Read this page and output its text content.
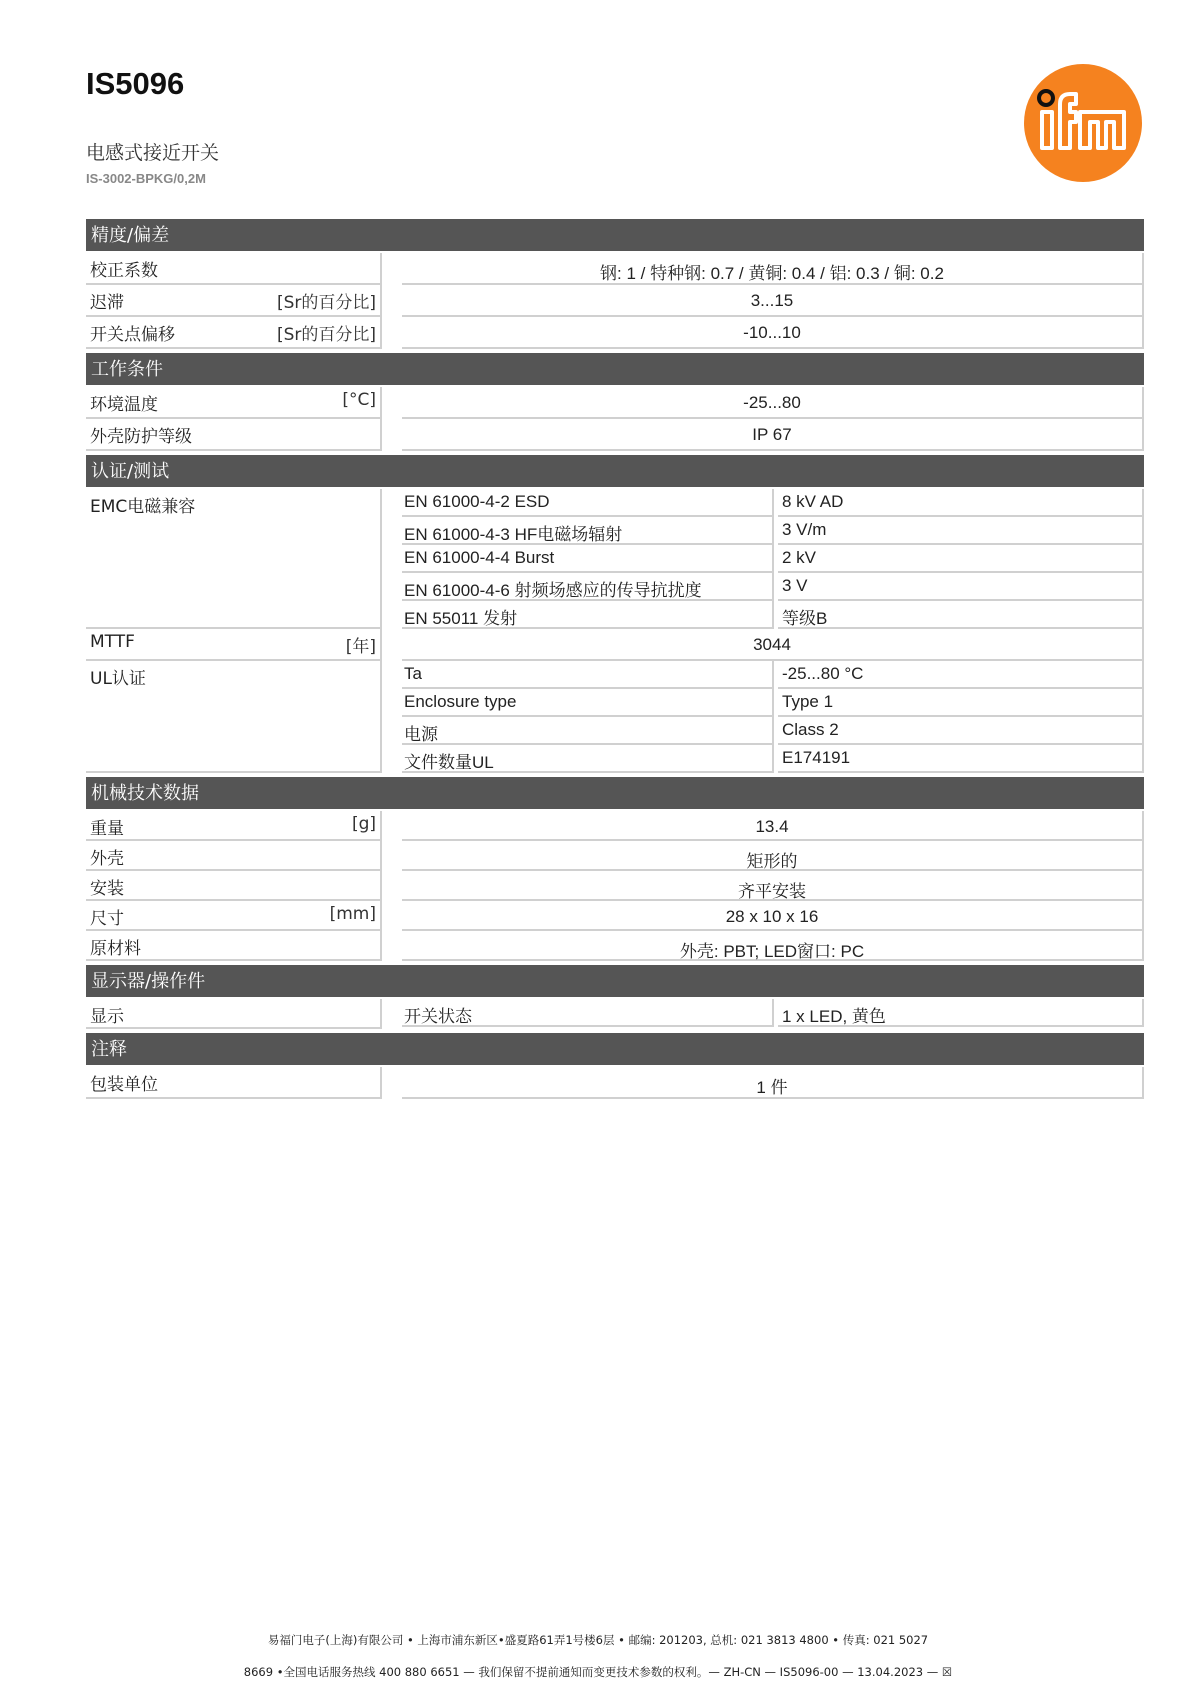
IS5096
电感式接近开关
IS-3002-BPKG/0,2M
精度/偏差
校正系数	钢: 1 / 特种钢: 0.7 / 黄铜: 0.4 / 铝: 0.3 / 铜: 0.2
迟滞	[Sr的百分比]	3...15
开关点偏移	[Sr的百分比]	-10...10
工作条件
环境温度	[°C]	-25...80
外壳防护等级	IP 67
认证/测试
EMC电磁兼容	EN 61000-4-2 ESD	8 kV AD
EN 61000-4-3 HF电磁场辐射	3 V/m
EN 61000-4-4 Burst	2 kV
EN 61000-4-6 射频场感应的传导抗扰度	3 V
EN 55011 发射	等级B
MTTF	[年]	3044
UL认证	Ta	-25...80 °C
Enclosure type	Type 1
电源	Class 2
文件数量UL	E174191
机械技术数据
重量	[g]	13.4
外壳	矩形的
安装	齐平安装
尺寸	[mm]	28 x 10 x 16
原材料	外壳: PBT; LED窗口: PC
显示器/操作件
显示	开关状态	1 x LED, 黄色
注释
包装单位	1 件
易福门电子(上海)有限公司 • 上海市浦东新区•盛夏路61弄1号楼6层 • 邮编: 201203, 总机: 021 3813 4800 • 传真: 021 5027
8669 •全国电话服务热线 400 880 6651 — 我们保留不提前通知而变更技术参数的权利。— ZH-CN — IS5096-00 — 13.04.2023 — ☒
